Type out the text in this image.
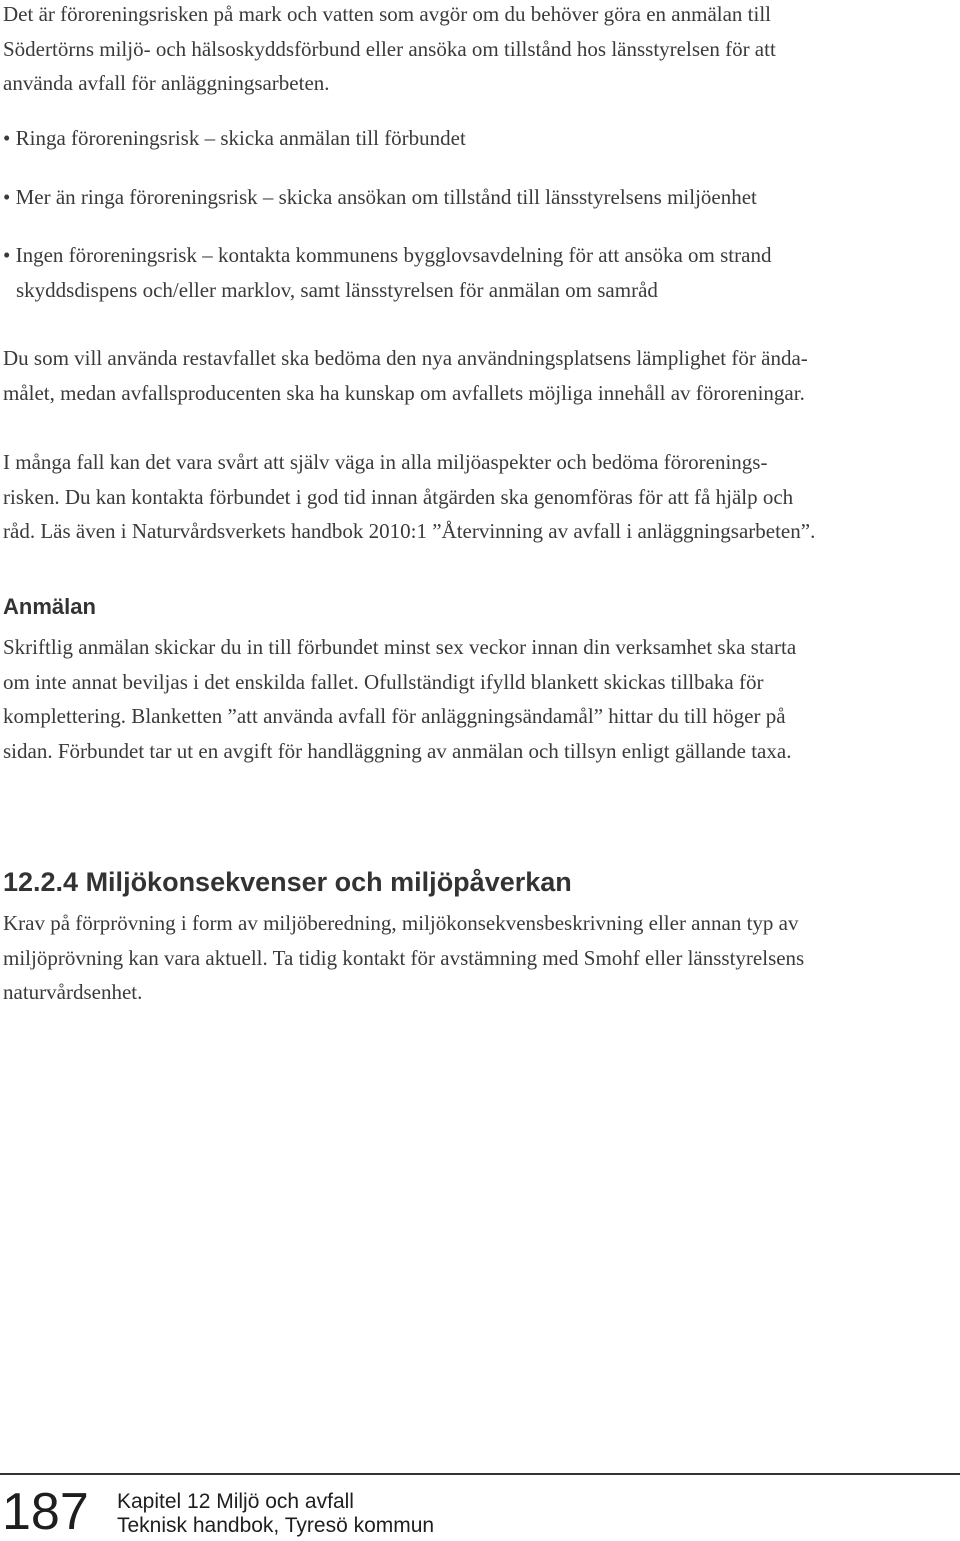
Det är föroreningsrisken på mark och vatten som avgör om du behöver göra en anmälan till
Södertörns miljö- och hälsoskyddsförbund eller ansöka om tillstånd hos länsstyrelsen för att
använda avfall för anläggningsarbeten.

• Ringa föroreningsrisk – skicka anmälan till förbundet

• Mer än ringa föroreningsrisk – skicka ansökan om tillstånd till länsstyrelsens miljöenhet

• Ingen föroreningsrisk – kontakta kommunens bygglovsavdelning för att ansöka om strand

skyddsdispens och/eller marklov, samt länsstyrelsen för anmälan om samråd

Du som vill använda restavfallet ska bedöma den nya användningsplatsens lämplighet för ända-
målet, medan avfallsproducenten ska ha kunskap om avfallets möjliga innehåll av föroreningar.

I många fall kan det vara svårt att själv väga in alla miljöaspekter och bedöma förorenings-
risken. Du kan kontakta förbundet i god tid innan åtgärden ska genomföras för att få hjälp och
råd. Läs även i Naturvårdsverkets handbok 2010:1 ”Återvinning av avfall i anläggningsarbeten”.

Anmälan

Skriftlig anmälan skickar du in till förbundet minst sex veckor innan din verksamhet ska starta
om inte annat beviljas i det enskilda fallet. Ofullständigt ifylld blankett skickas tillbaka för
komplettering. Blanketten ”att använda avfall för anläggningsändamål” hittar du till höger på
sidan. Förbundet tar ut en avgift för handläggning av anmälan och tillsyn enligt gällande taxa.

12.2.4 Miljökonsekvenser och miljöpåverkan

Krav på förprövning i form av miljöberedning, miljökonsekvensbeskrivning eller annan typ av
miljöprövning kan vara aktuell. Ta tidig kontakt för avstämning med Smohf eller länsstyrelsens
naturvårdsenhet.

187 Kapitel 12 Miljö och avfall
Teknisk handbok, Tyresö kommun
